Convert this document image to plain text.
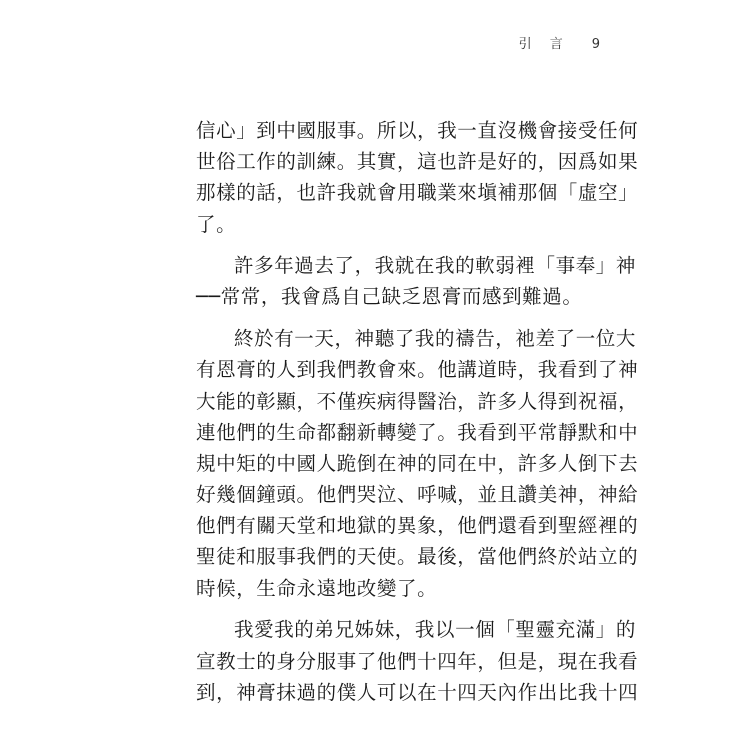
引 言 9
信心」到中國服事。所以，我一直沒機會接受任何
世俗工作的訓練。其實，這也許是好的，因爲如果
那樣的話，也許我就會用職業來塡補那個「虛空」
了。
許多年過去了，我就在我的軟弱裡「事奉」神
──常常，我會爲自己缺乏恩膏而感到難過。
終於有一天，神聽了我的禱告，祂差了一位大
有恩膏的人到我們教會來。他講道時，我看到了神
大能的彰顯，不僅疾病得醫治，許多人得到祝福，
連他們的生命都翻新轉變了。我看到平常靜默和中
規中矩的中國人跪倒在神的同在中，許多人倒下去
好幾個鐘頭。他們哭泣、呼喊，並且讚美神，神給
他們有關天堂和地獄的異象，他們還看到聖經裡的
聖徒和服事我們的天使。最後，當他們終於站立的
時候，生命永遠地改變了。
我愛我的弟兄姊妹，我以一個「聖靈充滿」的
宣教士的身分服事了他們十四年，但是，現在我看
到，神膏抹過的僕人可以在十四天內作出比我十四
